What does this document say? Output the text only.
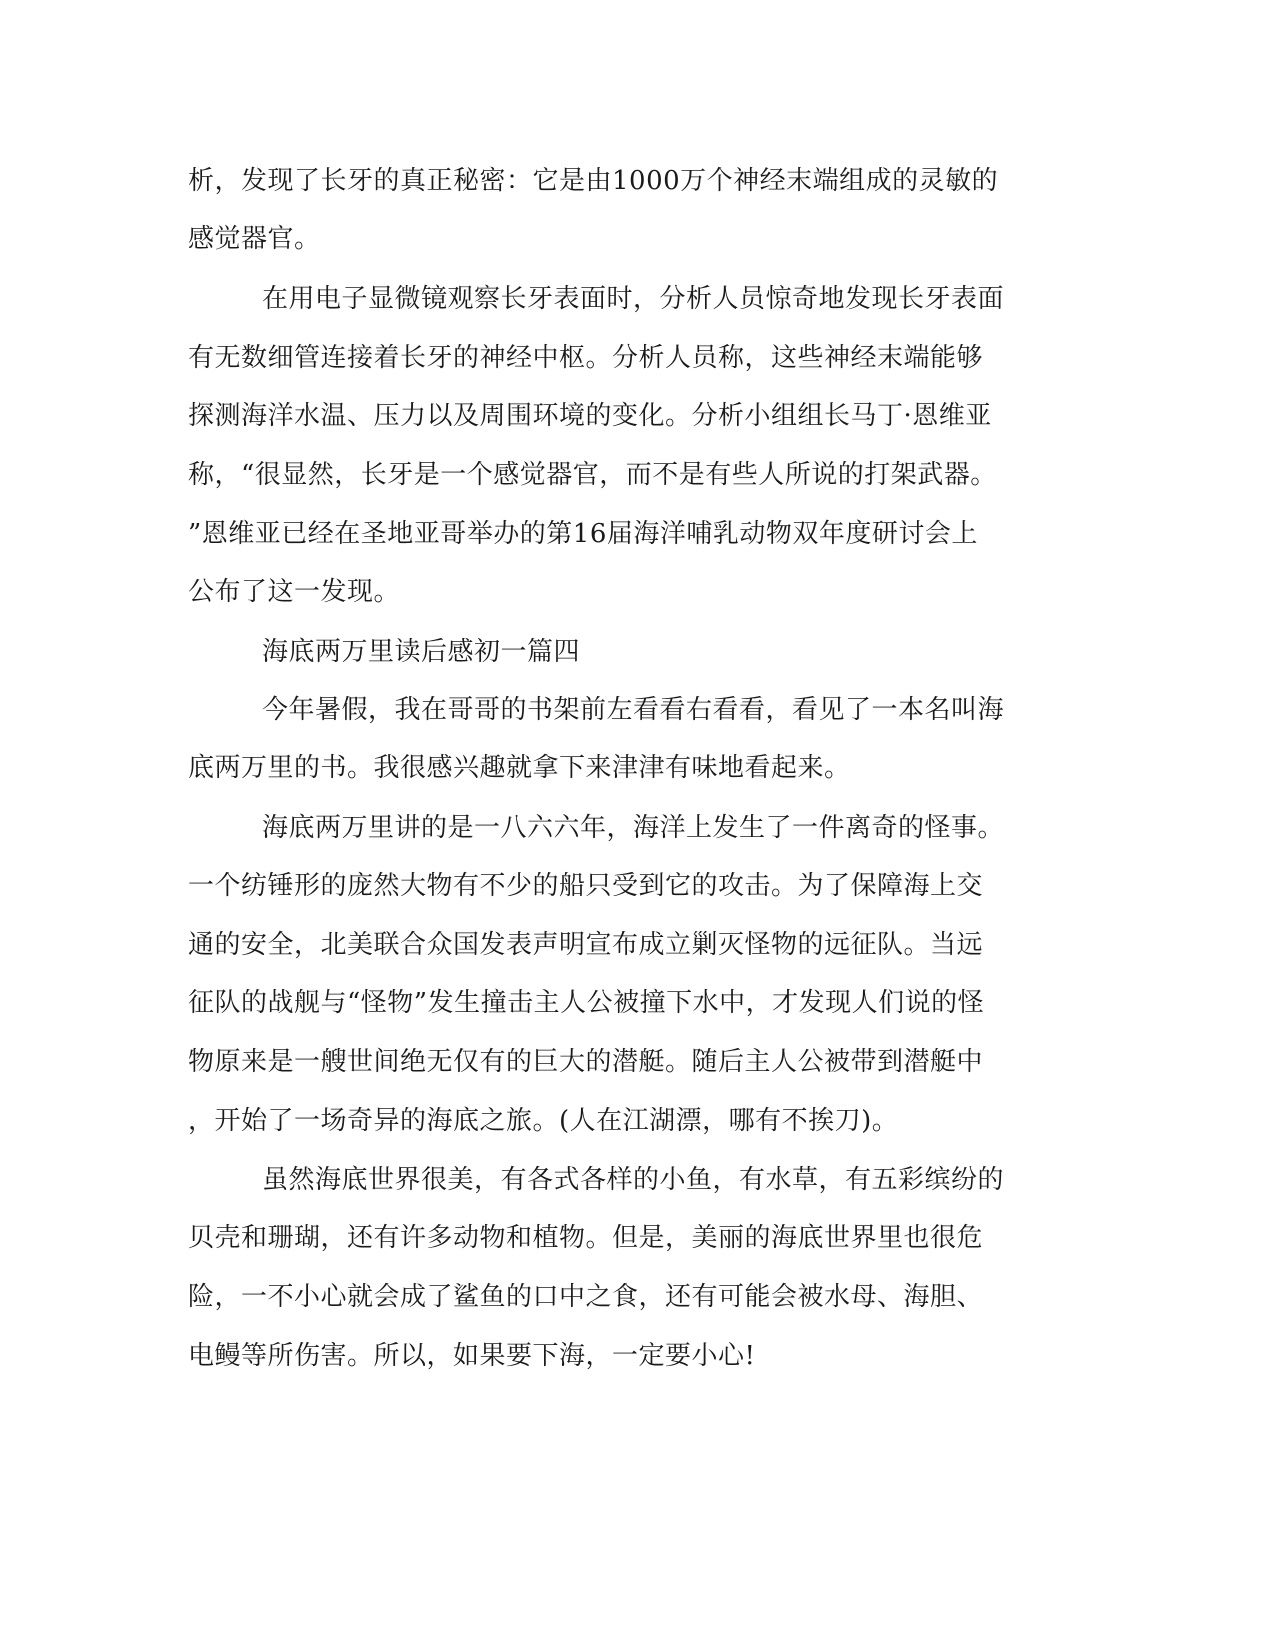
析，发现了长牙的真正秘密：它是由1000万个神经末端组成的灵敏的

感觉器官。

在用电子显微镜观察长牙表面时，分析人员惊奇地发现长牙表面

有无数细管连接着长牙的神经中枢。分析人员称，这些神经末端能够

探测海洋水温、压力以及周围环境的变化。分析小组组长马丁·恩维亚

称，“很显然，长牙是一个感觉器官，而不是有些人所说的打架武器。

”恩维亚已经在圣地亚哥举办的第16届海洋哺乳动物双年度研讨会上

公布了这一发现。

海底两万里读后感初一篇四

今年暑假，我在哥哥的书架前左看看右看看，看见了一本名叫海

底两万里的书。我很感兴趣就拿下来津津有味地看起来。

海底两万里讲的是一八六六年，海洋上发生了一件离奇的怪事。

一个纺锤形的庞然大物有不少的船只受到它的攻击。为了保障海上交

通的安全，北美联合众国发表声明宣布成立剿灭怪物的远征队。当远

征队的战舰与“怪物”发生撞击主人公被撞下水中，才发现人们说的怪

物原来是一艘世间绝无仅有的巨大的潜艇。随后主人公被带到潜艇中

，开始了一场奇异的海底之旅。(人在江湖漂，哪有不挨刀)。

虽然海底世界很美，有各式各样的小鱼，有水草，有五彩缤纷的

贝壳和珊瑚，还有许多动物和植物。但是，美丽的海底世界里也很危

险，一不小心就会成了鲨鱼的口中之食，还有可能会被水母、海胆、

电鳗等所伤害。所以，如果要下海，一定要小心!
